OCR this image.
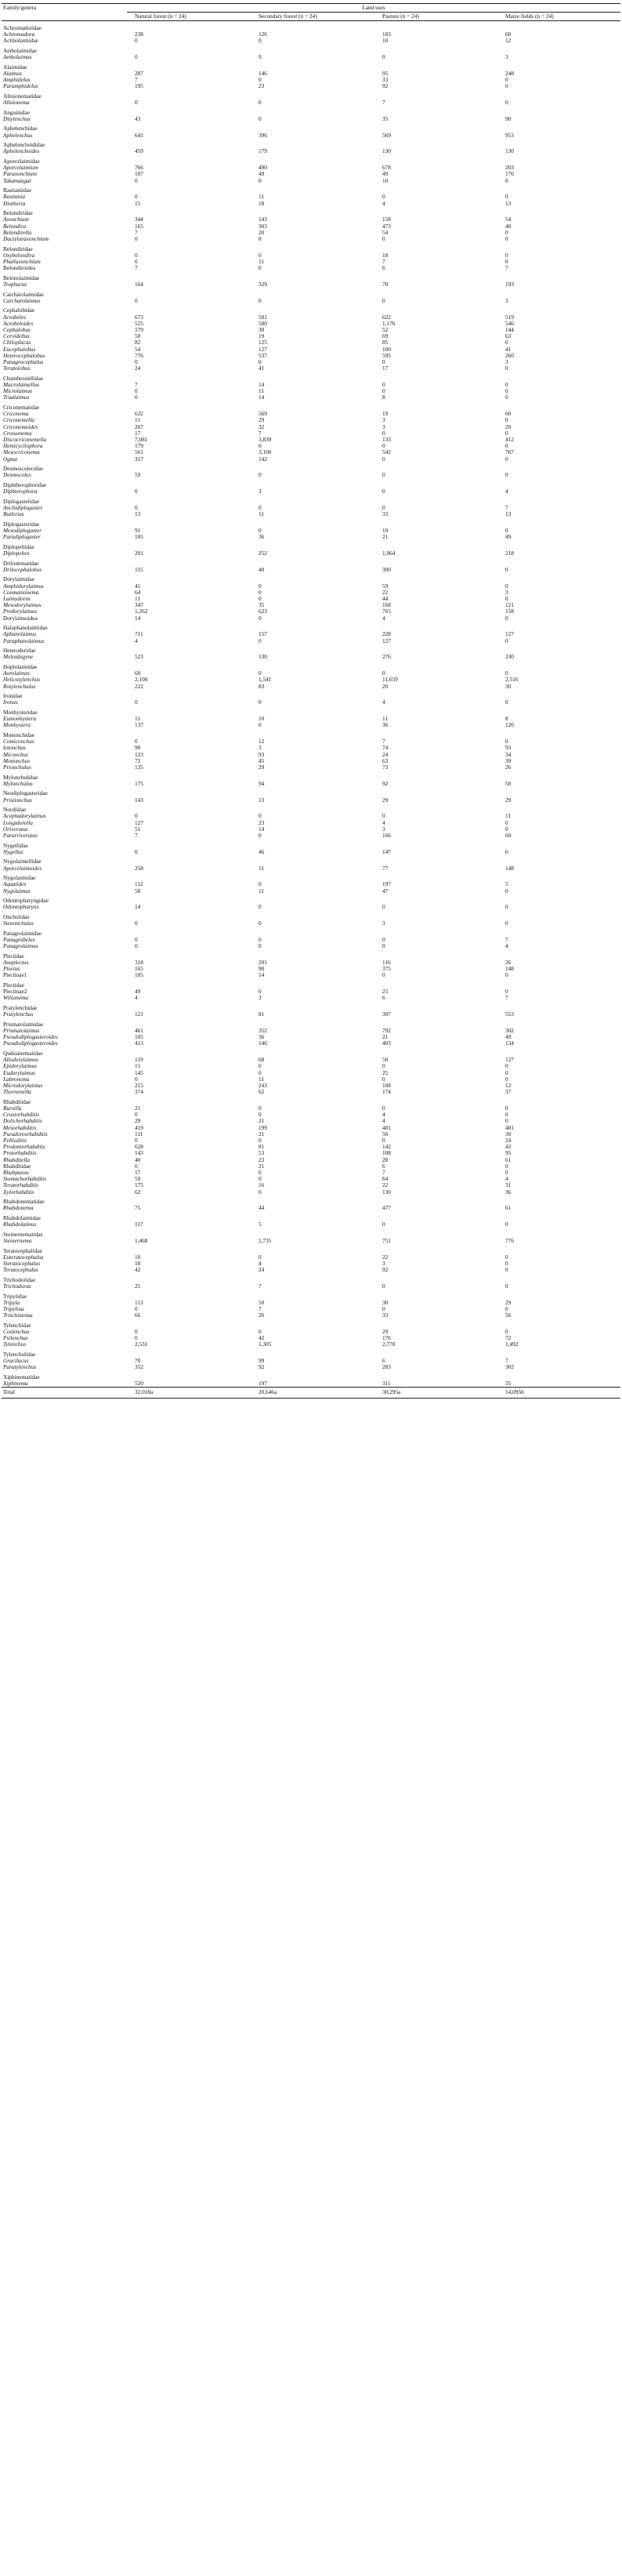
Family/genera	Land uses			
	Natural forest (n = 24)	Secondary forest (n = 24)	Pasture (n = 24)	Maize fields (n = 24)
Achromadoridae				
Achromadora	238	126	183	60
Actinolaimidae	0	0	10	12
Aetholaimidae				
Aetholaimus	0	9	0	3
Alaimidae				
Alaimus	287	146	95	248
Amphidelus	7	0	33	0
Paramphidelus	195	23	92	0
Alloionematidae				
Alloionema	0	0	7	0
Anguinidae				
Ditylenchus	43	0	35	90
Aphelenchidae				
Aphelenchus	641	396	569	953
Aphelenchoididae				
Aphelenchoides	459	179	130	130
Aporcelaimidae				
Aporcelaimium	766	490	678	203
Paraxonchium	107	49	49	176
Takamangai	0	0	10	0
Bastianiidae				
Bastiania	0	11	0	0
Dintheria	15	18	4	13
Belondiridae				
Axonchium	344	143	158	54
Belondira	165	303	473	40
Belondirella	7	20	54	0
Dactyluraxonchium	0	8	0	0
Belondiridae				
Oxybelondira	0	0	18	0
Phallaxonchium	0	11	7	0
Belondiroidea	7	0	6	7
Belonolaimidae				
Trophurus	164	329	70	193
Carcharolaimidae				
Carcharolaimus	0	0	0	3
Cephalobidae				
Acrobeles	673	501	622	519
Acrobeloides	525	580	1,176	546
Cephalobus	179	30	52	144
Cervidellus	50	19	69	63
Chiloplacus	82	125	85	0
Eucephalobus	54	127	100	41
Heterocephalobus	776	537	595	260
Panagrocephalus	0	0	0	3
Teratolobus	24	41	17	0
Chambersiellidae				
Macrolaimellus	7	14	0	0
Microlaimus	0	11	0	0
Trualaimus	0	14	8	0
Criconematidae				
Criconema	632	569	19	60
Criconemella	11	29	3	0
Criconemoides	267	32	3	20
Crossonema	17	7	0	0
Discocriconemella	7,081	3,839	133	412
Hemicycliophora	179	0	0	0
Mesocriconema	561	3,100	542	767
Ogma	317	142	0	0
Desmoscolecidae				
Desmocolex	59	0	0	0
Diphtherophoridae				
Diphterophora	0	3	0	4
Diplogasteridae				
Anchidiplogaster	0	0	0	7
Butlerius	13	11	33	13
Diplogasteridae				
Mesodiplogaster	91	0	10	0
Paradiplogaster	105	36	21	49
Diplopeltidae				
Diplopeltes	201	252	1,064	218
Drilonematidae				
Drilocephalobus	115	40	300	0
Dorylaimidae				
Amphidorylaimus	41	0	59	0
Coomansinema	64	0	22	3
Laimydorus	11	0	44	0
Mesodorylaimus	347	35	168	121
Prodorylaimus	1,262	623	765	158
Dorylaimoidea	14	0	4	0
Halaphanolaimidae				
Aphanolaimus	711	157	228	127
Paraphanolaimus	4	0	127	0
Heteroderidae				
Meloidogyne	523	130	276	230
Hoplolaimidae				
Aorolaimus	60	0	0	0
Helicotylenchus	2,100	1,541	11,659	2,516
Rotylenchulus	222	83	20	30
Ironidae				
Ironus	0	0	4	0
Monhysteridae				
Eumonhystera	11	10	11	8
Monhystera	137	0	36	120
Mononchidae				
Comiconchus	0	12	7	0
Iotonchus	90	3	74	93
Miconchus	123	93	24	34
Mononchus	72	45	63	39
Prionchulus	135	29	73	26
Mylonchulidae				
Mylonchulus	175	94	92	50
Neodiplogasteridae				
Pristionchus	143	13	29	29
Nordiidae				
Acephadorylaimus	0	0	0	11
Longidorella	127	23	4	0
Oriverutus	51	14	3	0
Pararriverutus	7	0	166	60
Nygellidae				
Nygellus	0	46	147	6
Nygolaimellidae				
Aporcelaimoides	258	11	77	148
Nygolaimidae				
Aquatides	112	0	197	5
Nygolaimus	58	11	47	0
Odontopharyngidae				
Odontopharynx	14	0	0	0
Onchulidae				
Stenonchulus	0	0	3	0
Panagrolaimidae				
Panagrobelus	0	0	0	7
Panagrolaimus	0	0	0	4
Plectidae				
Anaplectus	318	201	116	26
Plectus	165	90	375	148
Plectinae1	105	14	0	0
Plectidae				
Plectinae2	49	0	25	0
Wilsonema	4	3	6	7
Pratylenchidae				
Pratylenchus	121	81	307	553
Prismatolaimidae				
Prismatolaimus	461	352	792	302
Pseudodiplogasteroides	105	36	21	49
Pseudodiplogasteroides	413	146	403	134
Qudsianematidae				
Allodorylaimus	119	68	50	127
Epidorylaimus	11	0	0	0
Eudorylaimus	145	0	25	0
Labronema	0	11	0	0
Microdorylaimus	215	243	108	12
Thornenella	374	62	174	37
Rhabditidae				
Bursilla	21	0	0	0
Crustorhabditis	0	0	4	0
Dolichorhabditis	29	21	4	0
Mesorhabditis	419	199	481	481
Pseudorosrhabditis	111	21	56	30
Pellioditis	0	0	0	24
Prodontorhabditis	628	81	142	42
Protorhabditis	143	53	108	95
Rhabditella	40	23	28	61
Rhabditidae	0	21	6	0
Rhabpanus	17	0	7	0
Stomachorhabditis	59	0	64	4
Teratorhabditis	175	16	22	31
Xylorhabditis	62	0	130	36
Rhabdonematidae				
Rhabdonema	75	44	477	61
Rhabdolaimidae				
Rhabdolaimus	117	5	0	0
Steinernematidae				
Steinernema	1,468	1,735	751	776
Teratocephalidae				
Euteratocephalus	10	0	22	0
Steratocephalus	18	4	3	0
Teratocephalus	42	24	92	0
Trichodoridae				
Trichodorus	25	7	0	0
Tripylidae				
Tripyla	113	50	30	29
Tripylina	0	7	0	0
Trischistoma	66	26	33	56
Tylenchidae				
Coslenchus	0	0	29	0
Psilenchus	0	42	176	72
Tylenchus	2,531	1,305	2,770	1,492
Tylenchulidae				
Gracilacus	70	99	6	7
Paratylenchus	352	92	283	302
Xiphinematidae				
Xiphinema	520	197	311	35
Total	32,018a	20,646a	30,295a	14,095b
